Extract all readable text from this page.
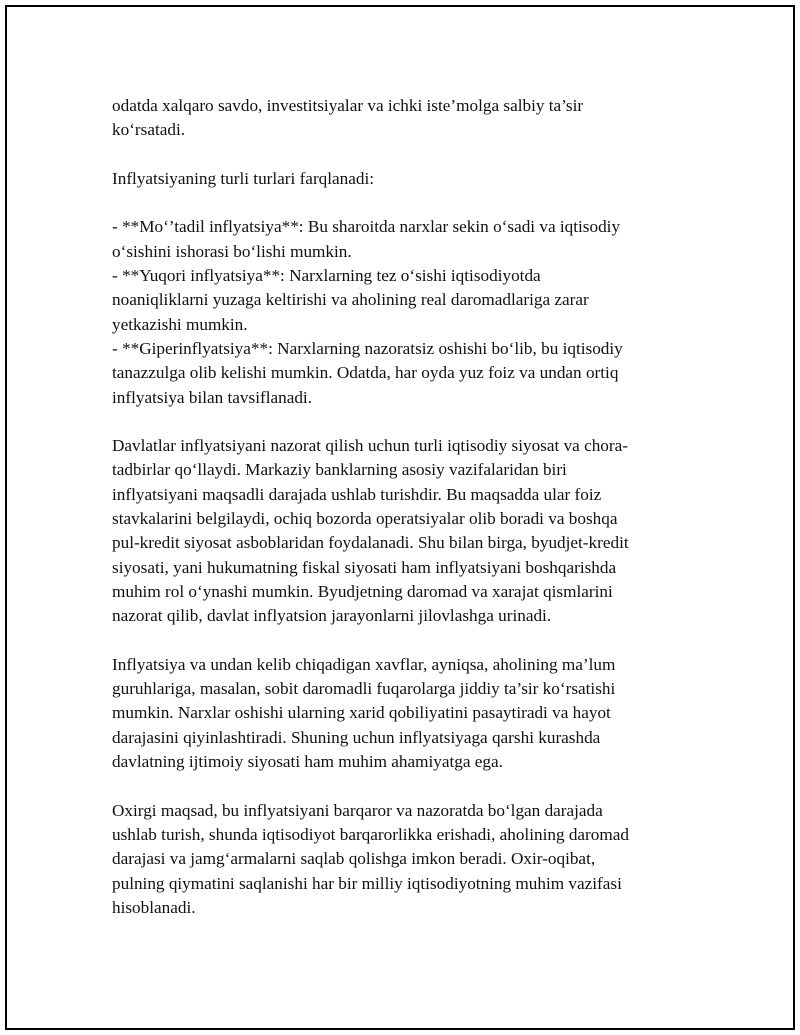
odatda xalqaro savdo, investitsiyalar va ichki iste’molga salbiy ta’sir
ko‘rsatadi.

Inflyatsiyaning turli turlari farqlanadi:

- **Mo‘’tadil inflyatsiya**: Bu sharoitda narxlar sekin o‘sadi va iqtisodiy
o‘sishini ishorasi bo‘lishi mumkin.
- **Yuqori inflyatsiya**: Narxlarning tez o‘sishi iqtisodiyotda
noaniqliklarni yuzaga keltirishi va aholining real daromadlariga zarar
yetkazishi mumkin.
- **Giperinflyatsiya**: Narxlarning nazoratsiz oshishi bo‘lib, bu iqtisodiy
tanazzulga olib kelishi mumkin. Odatda, har oyda yuz foiz va undan ortiq
inflyatsiya bilan tavsiflanadi.

Davlatlar inflyatsiyani nazorat qilish uchun turli iqtisodiy siyosat va chora-
tadbirlar qo‘llaydi. Markaziy banklarning asosiy vazifalaridan biri
inflyatsiyani maqsadli darajada ushlab turishdir. Bu maqsadda ular foiz
stavkalarini belgilaydi, ochiq bozorda operatsiyalar olib boradi va boshqa
pul-kredit siyosat asboblaridan foydalanadi. Shu bilan birga, byudjet-kredit
siyosati, yani hukumatning fiskal siyosati ham inflyatsiyani boshqarishda
muhim rol o‘ynashi mumkin. Byudjetning daromad va xarajat qismlarini
nazorat qilib, davlat inflyatsion jarayonlarni jilovlashga urinadi.

Inflyatsiya va undan kelib chiqadigan xavflar, ayniqsa, aholining ma’lum
guruhlariga, masalan, sobit daromadli fuqarolarga jiddiy ta’sir ko‘rsatishi
mumkin. Narxlar oshishi ularning xarid qobiliyatini pasaytiradi va hayot
darajasini qiyinlashtiradi. Shuning uchun inflyatsiyaga qarshi kurashda
davlatning ijtimoiy siyosati ham muhim ahamiyatga ega.

Oxirgi maqsad, bu inflyatsiyani barqaror va nazoratda bo‘lgan darajada
ushlab turish, shunda iqtisodiyot barqarorlikka erishadi, aholining daromad
darajasi va jamg‘armalarni saqlab qolishga imkon beradi. Oxir-oqibat,
pulning qiymatini saqlanishi har bir milliy iqtisodiyotning muhim vazifasi
hisoblanadi.
